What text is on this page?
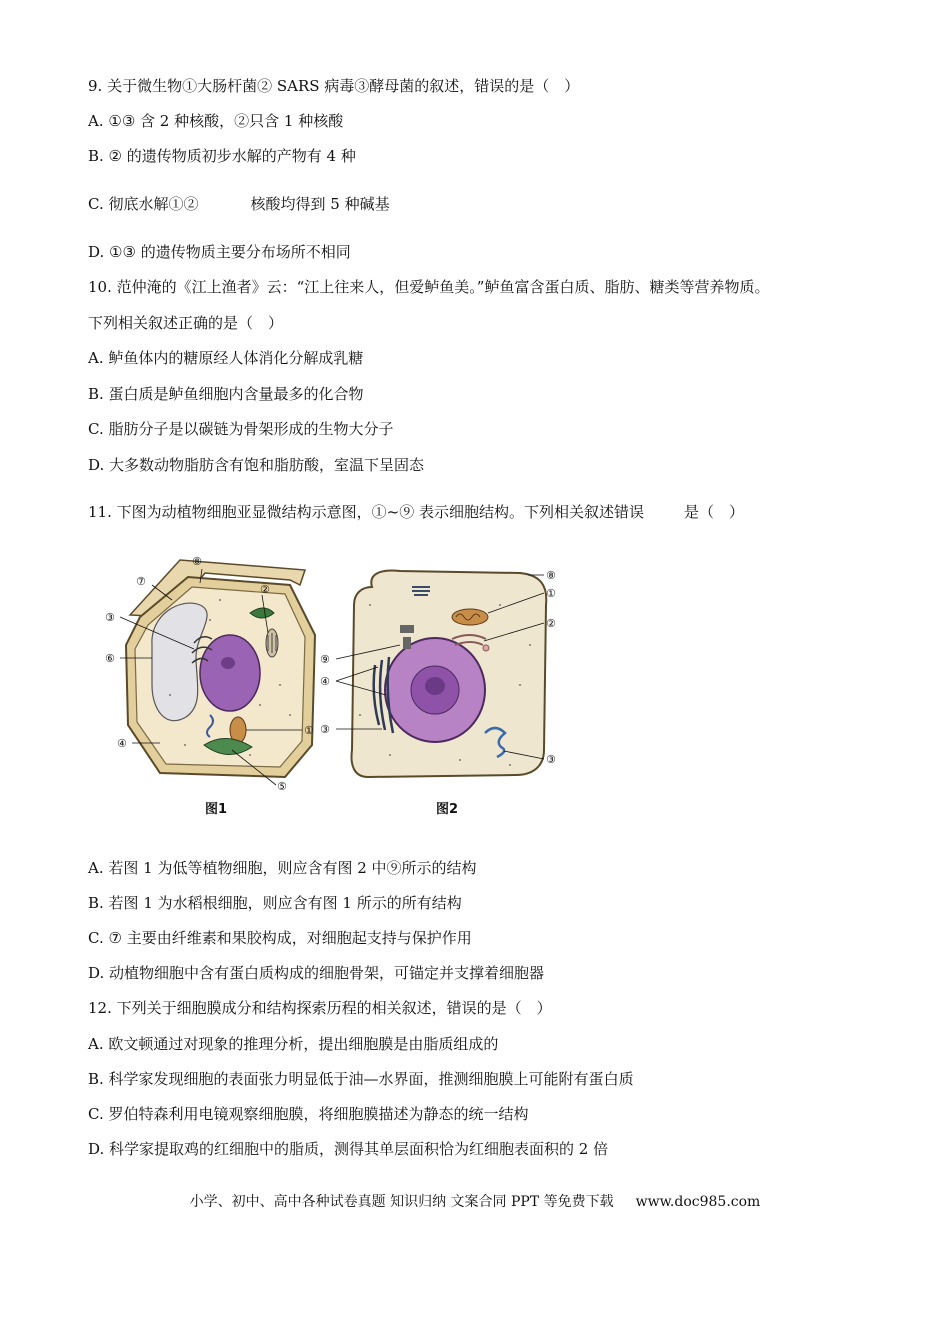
9. 关于微生物①大肠杆菌② SARS 病毒③酵母菌的叙述，错误的是（　）
A. ①③ 含 2 种核酸，②只含 1 种核酸
B. ② 的遗传物质初步水解的产物有 4 种
C. 彻底水解①②	核酸均得到 5 种碱基
D. ①③ 的遗传物质主要分布场所不相同
10. 范仲淹的《江上渔者》云：“江上往来人，但爱鲈鱼美。”鲈鱼富含蛋白质、脂肪、糖类等营养物质。
下列相关叙述正确的是（　）
A. 鲈鱼体内的糖原经人体消化分解成乳糖
B. 蛋白质是鲈鱼细胞内含量最多的化合物
C. 脂肪分子是以碳链为骨架形成的生物大分子
D. 大多数动物脂肪含有饱和脂肪酸，室温下呈固态
11. 下图为动植物细胞亚显微结构示意图，①~⑨ 表示细胞结构。下列相关叙述错误	是（　）
⑧
⑦
②
③
⑥
①
④
⑤
图1
⑧
①
②
⑨
④
③
③
图2
A. 若图 1 为低等植物细胞，则应含有图 2 中⑨所示的结构
B. 若图 1 为水稻根细胞，则应含有图 1 所示的所有结构
C. ⑦ 主要由纤维素和果胶构成，对细胞起支持与保护作用
D. 动植物细胞中含有蛋白质构成的细胞骨架，可锚定并支撑着细胞器
12. 下列关于细胞膜成分和结构探索历程的相关叙述，错误的是（　）
A. 欧文顿通过对现象的推理分析，提出细胞膜是由脂质组成的
B. 科学家发现细胞的表面张力明显低于油—水界面，推测细胞膜上可能附有蛋白质
C. 罗伯特森利用电镜观察细胞膜，将细胞膜描述为静态的统一结构
D. 科学家提取鸡的红细胞中的脂质，测得其单层面积恰为红细胞表面积的 2 倍
小学、初中、高中各种试卷真题 知识归纳 文案合同 PPT 等免费下载 www.doc985.com
